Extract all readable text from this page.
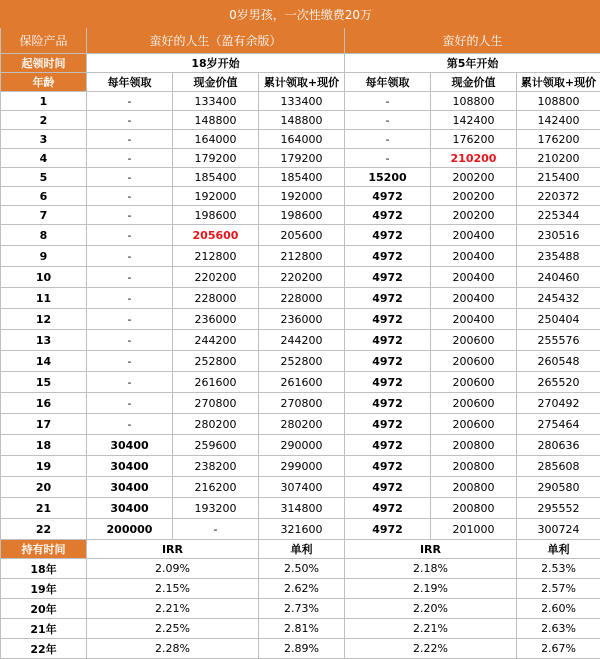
0岁男孩，一次性缴费20万						
保险产品	蛮好的人生（盈有余版）			蛮好的人生		
起领时间	18岁开始			第5年开始		
年龄	每年领取	现金价值	累计领取+现价	每年领取	现金价值	累计领取+现价
1	-	133400	133400	-	108800	108800
2	-	148800	148800	-	142400	142400
3	-	164000	164000	-	176200	176200
4	-	179200	179200	-	210200	210200
5	-	185400	185400	15200	200200	215400
6	-	192000	192000	4972	200200	220372
7	-	198600	198600	4972	200200	225344
8	-	205600	205600	4972	200400	230516
9	-	212800	212800	4972	200400	235488
10	-	220200	220200	4972	200400	240460
11	-	228000	228000	4972	200400	245432
12	-	236000	236000	4972	200400	250404
13	-	244200	244200	4972	200600	255576
14	-	252800	252800	4972	200600	260548
15	-	261600	261600	4972	200600	265520
16	-	270800	270800	4972	200600	270492
17	-	280200	280200	4972	200600	275464
18	30400	259600	290000	4972	200800	280636
19	30400	238200	299000	4972	200800	285608
20	30400	216200	307400	4972	200800	290580
21	30400	193200	314800	4972	200800	295552
22	200000	-	321600	4972	201000	300724
持有时间	IRR		单利	IRR		单利
18年	2.09%		2.50%	2.18%		2.53%
19年	2.15%		2.62%	2.19%		2.57%
20年	2.21%		2.73%	2.20%		2.60%
21年	2.25%		2.81%	2.21%		2.63%
22年	2.28%		2.89%	2.22%		2.67%
